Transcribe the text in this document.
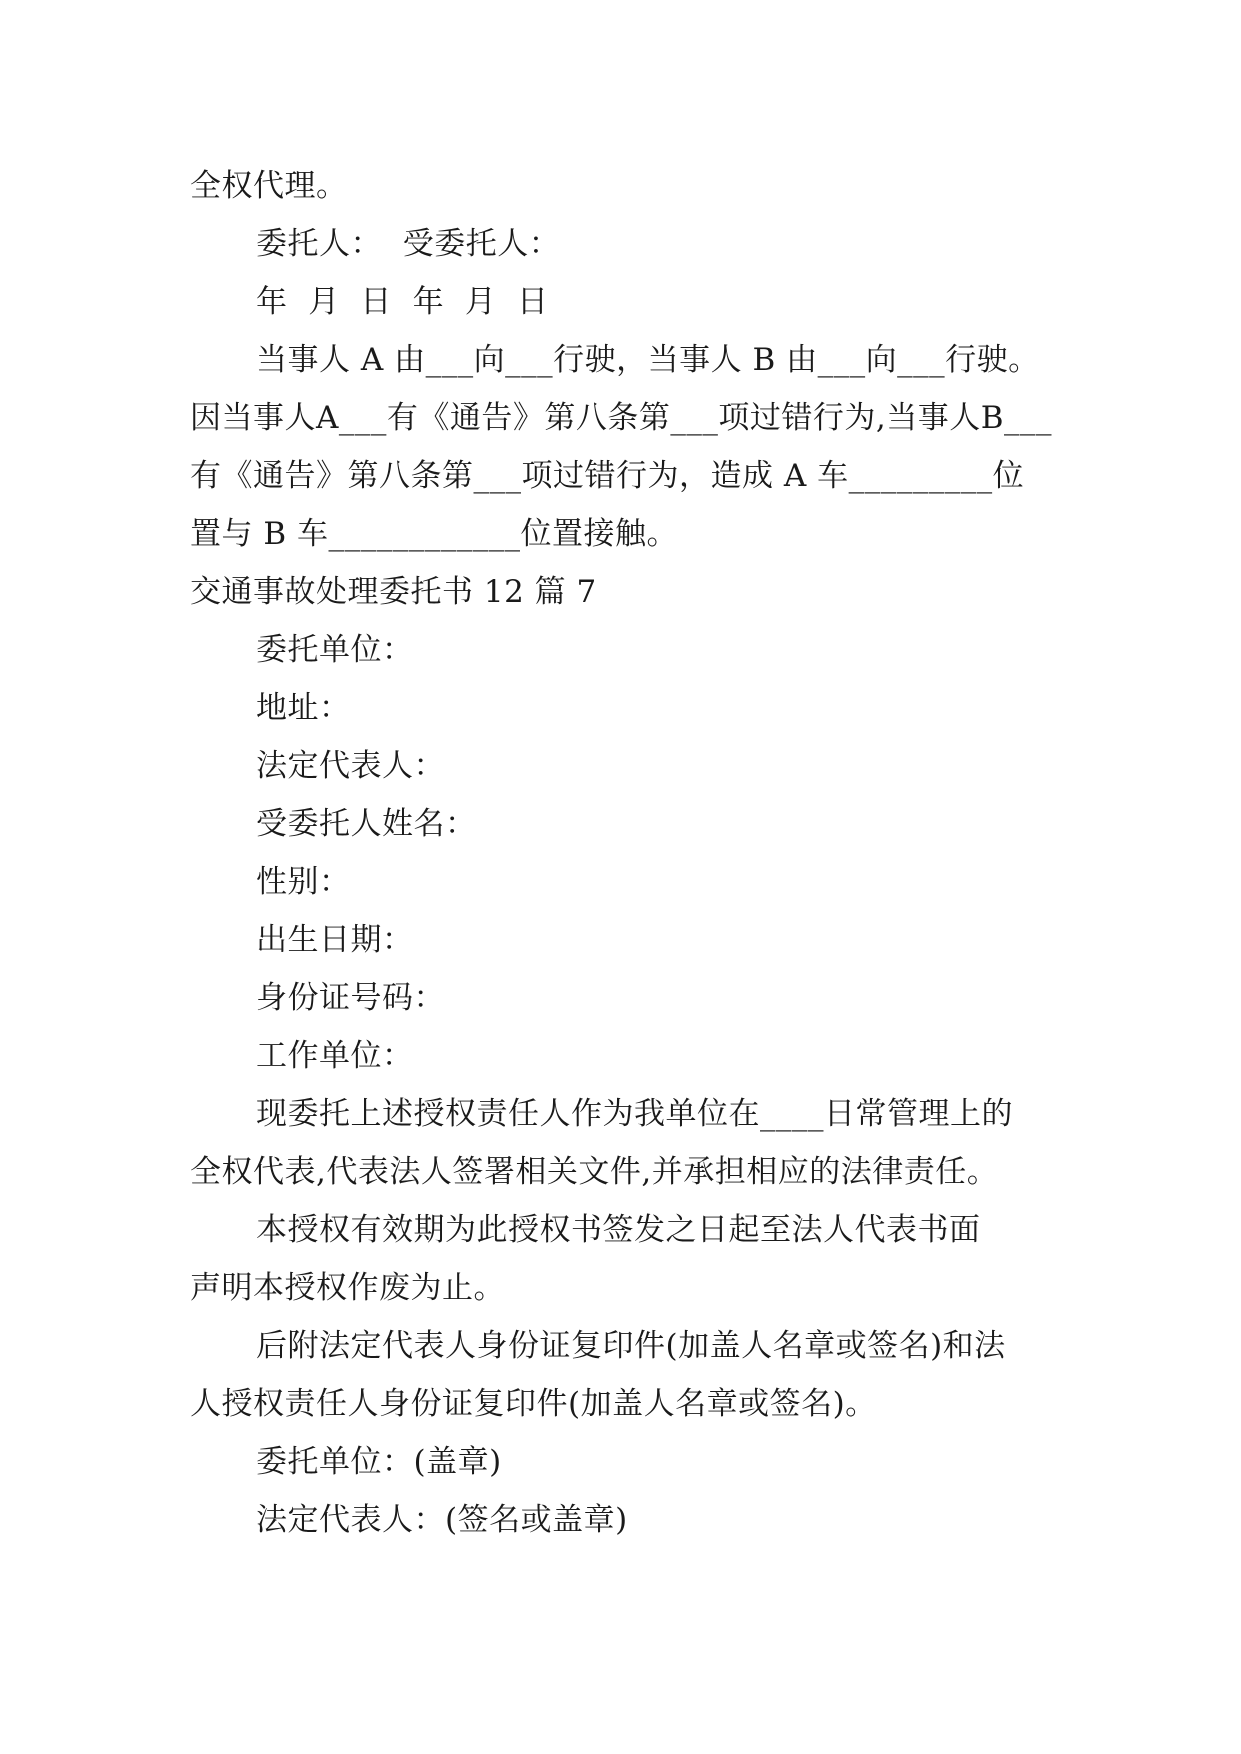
全权代理。

委托人：  受委托人：

年  月  日  年  月  日

当事人 A 由___向___行驶，当事人 B 由___向___行驶。

因当事人A___有《通告》第八条第___项过错行为,当事人B___

有《通告》第八条第___项过错行为，造成 A 车_________位

置与 B 车____________位置接触。

交通事故处理委托书 12 篇 7

委托单位：

地址：

法定代表人：

受委托人姓名：

性别：

出生日期：

身份证号码：

工作单位：

现委托上述授权责任人作为我单位在____日常管理上的

全权代表,代表法人签署相关文件,并承担相应的法律责任。

本授权有效期为此授权书签发之日起至法人代表书面

声明本授权作废为止。

后附法定代表人身份证复印件(加盖人名章或签名)和法

人授权责任人身份证复印件(加盖人名章或签名)。

委托单位：(盖章)

法定代表人：(签名或盖章)
